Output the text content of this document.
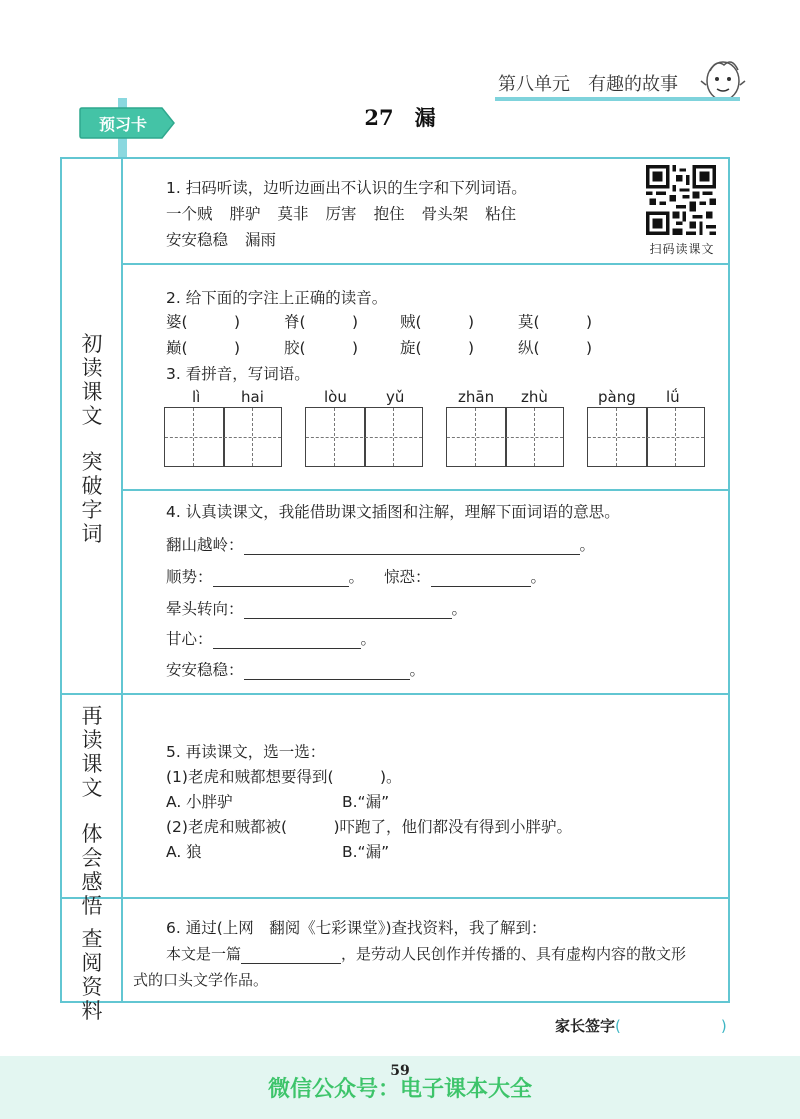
第八单元　有趣的故事
预习卡	27　漏
初
读
课
文

突
破
字
词
再
读
课
文

体
会
感
悟
查
阅
资
料
1. 扫码听读，边听边画出不认识的生字和下列词语。
一个贼 胖驴 莫非 厉害 抱住 骨头架 粘住
安安稳稳 漏雨	扫码读课文
2. 给下面的字注上正确的读音。
婆(　　　)	脊(　　　)	贼(　　　)	莫(　　　)
巅(　　　)	胶(　　　)	旋(　　　)	纵(　　　)
3. 看拼音，写词语。
lì	hai	lòu	yǔ	zhān zhù	pàng lǘ
4. 认真读课文，我能借助课文插图和注解，理解下面词语的意思。
翻山越岭：	。
顺势：	。 惊恐：	。
晕头转向：	。
甘心：	。
安安稳稳：	。
5. 再读课文，选一选：
(1)老虎和贼都想要得到(　　　)。
A. 小胖驴	B.“漏”
(2)老虎和贼都被(　　　)吓跑了，他们都没有得到小胖驴。
A. 狼	B.“漏”
6. 通过(上网　翻阅《七彩课堂》)查找资料，我了解到：
本文是一篇	，是劳动人民创作并传播的、具有虚构内容的散文形
式的口头文学作品。
家长签字(	)
59
微信公众号：电子课本大全
